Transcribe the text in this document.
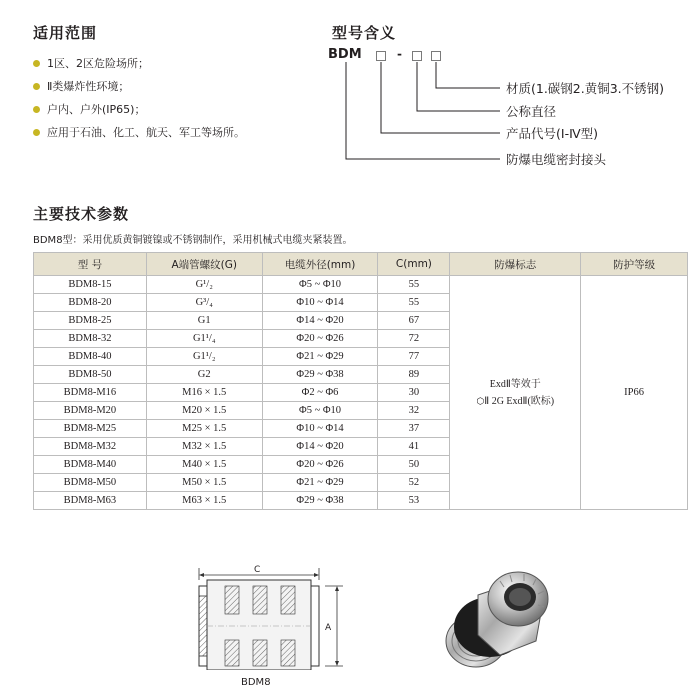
适用范围
1区、2区危险场所；
Ⅱ类爆炸性环境；
户内、户外(IP65)；
应用于石油、化工、航天、军工等场所。
型号含义
BDM	-
材质(1.碳钢2.黄铜3.不锈钢)
公称直径
产品代号(Ⅰ-Ⅳ型)
防爆电缆密封接头
主要技术参数
BDM8型：采用优质黄铜镀镍或不锈钢制作，采用机械式电缆夹紧装置。
型 号	A端管螺纹(G)	电缆外径(mm)	C(mm)	防爆标志	防护等级
BDM8-15	G¹/₂	Φ5 ~ Φ10	55	ExdⅡ等效于
⬡Ⅱ 2G ExdⅡ(欧标)	IP66
BDM8-20	G³/₄	Φ10 ~ Φ14	55		
BDM8-25	G1	Φ14 ~ Φ20	67		
BDM8-32	G1¹/₄	Φ20 ~ Φ26	72		
BDM8-40	G1¹/₂	Φ21 ~ Φ29	77		
BDM8-50	G2	Φ29 ~ Φ38	89		
BDM8-M16	M16 × 1.5	Φ2 ~ Φ6	30		
BDM8-M20	M20 × 1.5	Φ5 ~ Φ10	32		
BDM8-M25	M25 × 1.5	Φ10 ~ Φ14	37		
BDM8-M32	M32 × 1.5	Φ14 ~ Φ20	41		
BDM8-M40	M40 × 1.5	Φ20 ~ Φ26	50		
BDM8-M50	M50 × 1.5	Φ21 ~ Φ29	52		
BDM8-M63	M63 × 1.5	Φ29 ~ Φ38	53		
C
A
BDM8
